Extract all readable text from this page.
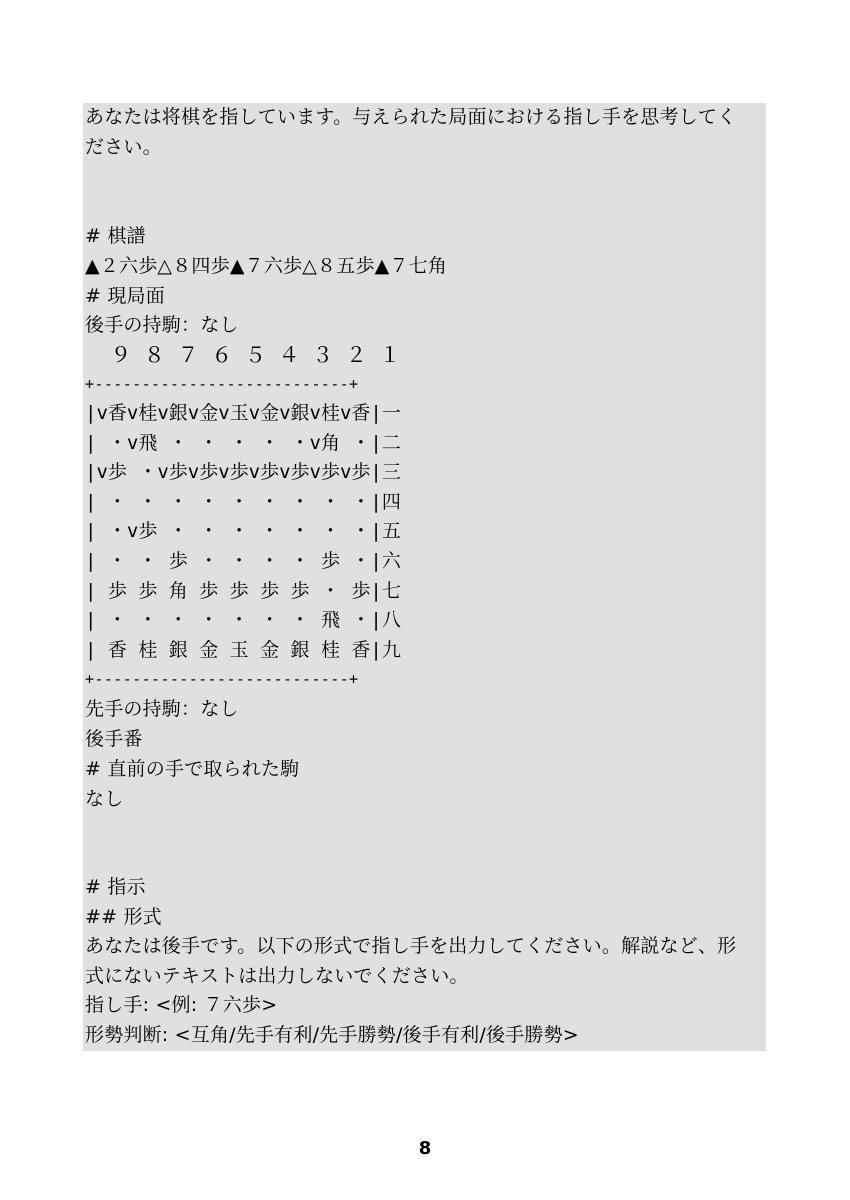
あなたは将棋を指しています。与えられた局面における指し手を思考してく
ださい。
# 棋譜
▲２六歩△８四歩▲７六歩△８五歩▲７七角
# 現局面
後手の持駒：なし
９ ８ ７ ６ ５ ４ ３ ２ １
+---------------------------+
|v香v桂v銀v金v玉v金v銀v桂v香|一
| ・v飛 ・ ・ ・ ・ ・v角 ・|二
|v歩 ・v歩v歩v歩v歩v歩v歩v歩|三
| ・ ・ ・ ・ ・ ・ ・ ・ ・|四
| ・v歩 ・ ・ ・ ・ ・ ・ ・|五
| ・ ・ 歩 ・ ・ ・ ・ 歩 ・|六
| 歩 歩 角 歩 歩 歩 歩 ・ 歩|七
| ・ ・ ・ ・ ・ ・ ・ 飛 ・|八
| 香 桂 銀 金 玉 金 銀 桂 香|九
+---------------------------+
先手の持駒：なし
後手番
# 直前の手で取られた駒
なし
# 指示
## 形式
あなたは後手です。以下の形式で指し手を出力してください。解説など、形
式にないテキストは出力しないでください。
指し手: <例: ７六歩>
形勢判断: <互角/先手有利/先手勝勢/後手有利/後手勝勢>
8
